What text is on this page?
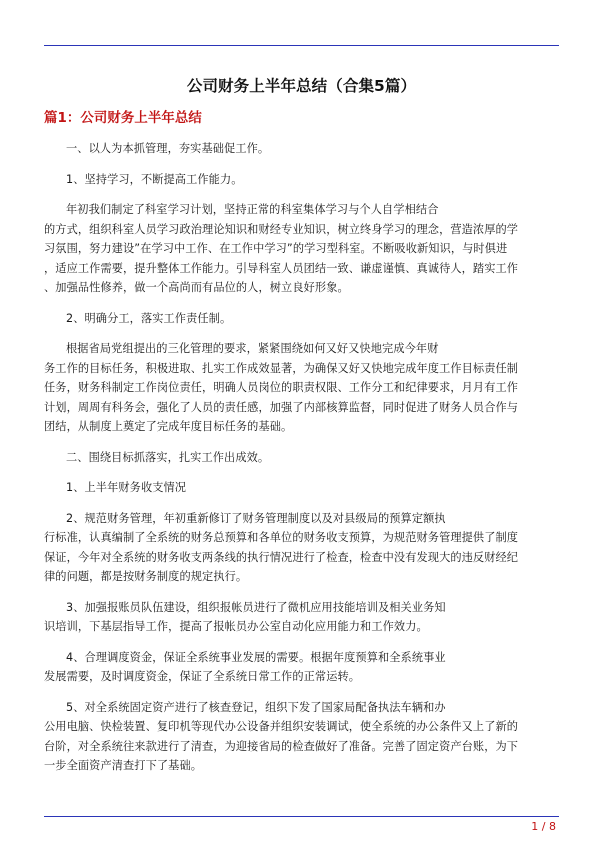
公司财务上半年总结（合集5篇）
篇1：公司财务上半年总结
一、以人为本抓管理，夯实基础促工作。
1、坚持学习，不断提高工作能力。
年初我们制定了科室学习计划，坚持正常的科室集体学习与个人自学相结合
的方式，组织科室人员学习政治理论知识和财经专业知识，树立终身学习的理念，营造浓厚的学
习氛围，努力建设”在学习中工作、在工作中学习”的学习型科室。不断吸收新知识，与时俱进
，适应工作需要，提升整体工作能力。引导科室人员团结一致、谦虚谨慎、真诚待人，踏实工作
、加强品性修养，做一个高尚而有品位的人，树立良好形象。
2、明确分工，落实工作责任制。
根据省局党组提出的三化管理的要求，紧紧围绕如何又好又快地完成今年财
务工作的目标任务，积极进取、扎实工作成效显著，为确保又好又快地完成年度工作目标责任制
任务，财务科制定工作岗位责任，明确人员岗位的职责权限、工作分工和纪律要求，月月有工作
计划，周周有科务会，强化了人员的责任感，加强了内部核算监督，同时促进了财务人员合作与
团结，从制度上奠定了完成年度目标任务的基础。
二、围绕目标抓落实，扎实工作出成效。
1、上半年财务收支情况
2、规范财务管理，年初重新修订了财务管理制度以及对县级局的预算定额执
行标准，认真编制了全系统的财务总预算和各单位的财务收支预算，为规范财务管理提供了制度
保证，今年对全系统的财务收支两条线的执行情况进行了检查，检查中没有发现大的违反财经纪
律的问题，都是按财务制度的规定执行。
3、加强报账员队伍建设，组织报帐员进行了微机应用技能培训及相关业务知
识培训，下基层指导工作，提高了报帐员办公室自动化应用能力和工作效力。
4、合理调度资金，保证全系统事业发展的需要。根据年度预算和全系统事业
发展需要，及时调度资金，保证了全系统日常工作的正常运转。
5、对全系统固定资产进行了核查登记，组织下发了国家局配备执法车辆和办
公用电脑、快检装置、复印机等现代办公设备并组织安装调试，使全系统的办公条件又上了新的
台阶，对全系统往来款进行了清查，为迎接省局的检查做好了准备。完善了固定资产台账，为下
一步全面资产清查打下了基础。
1 / 8
